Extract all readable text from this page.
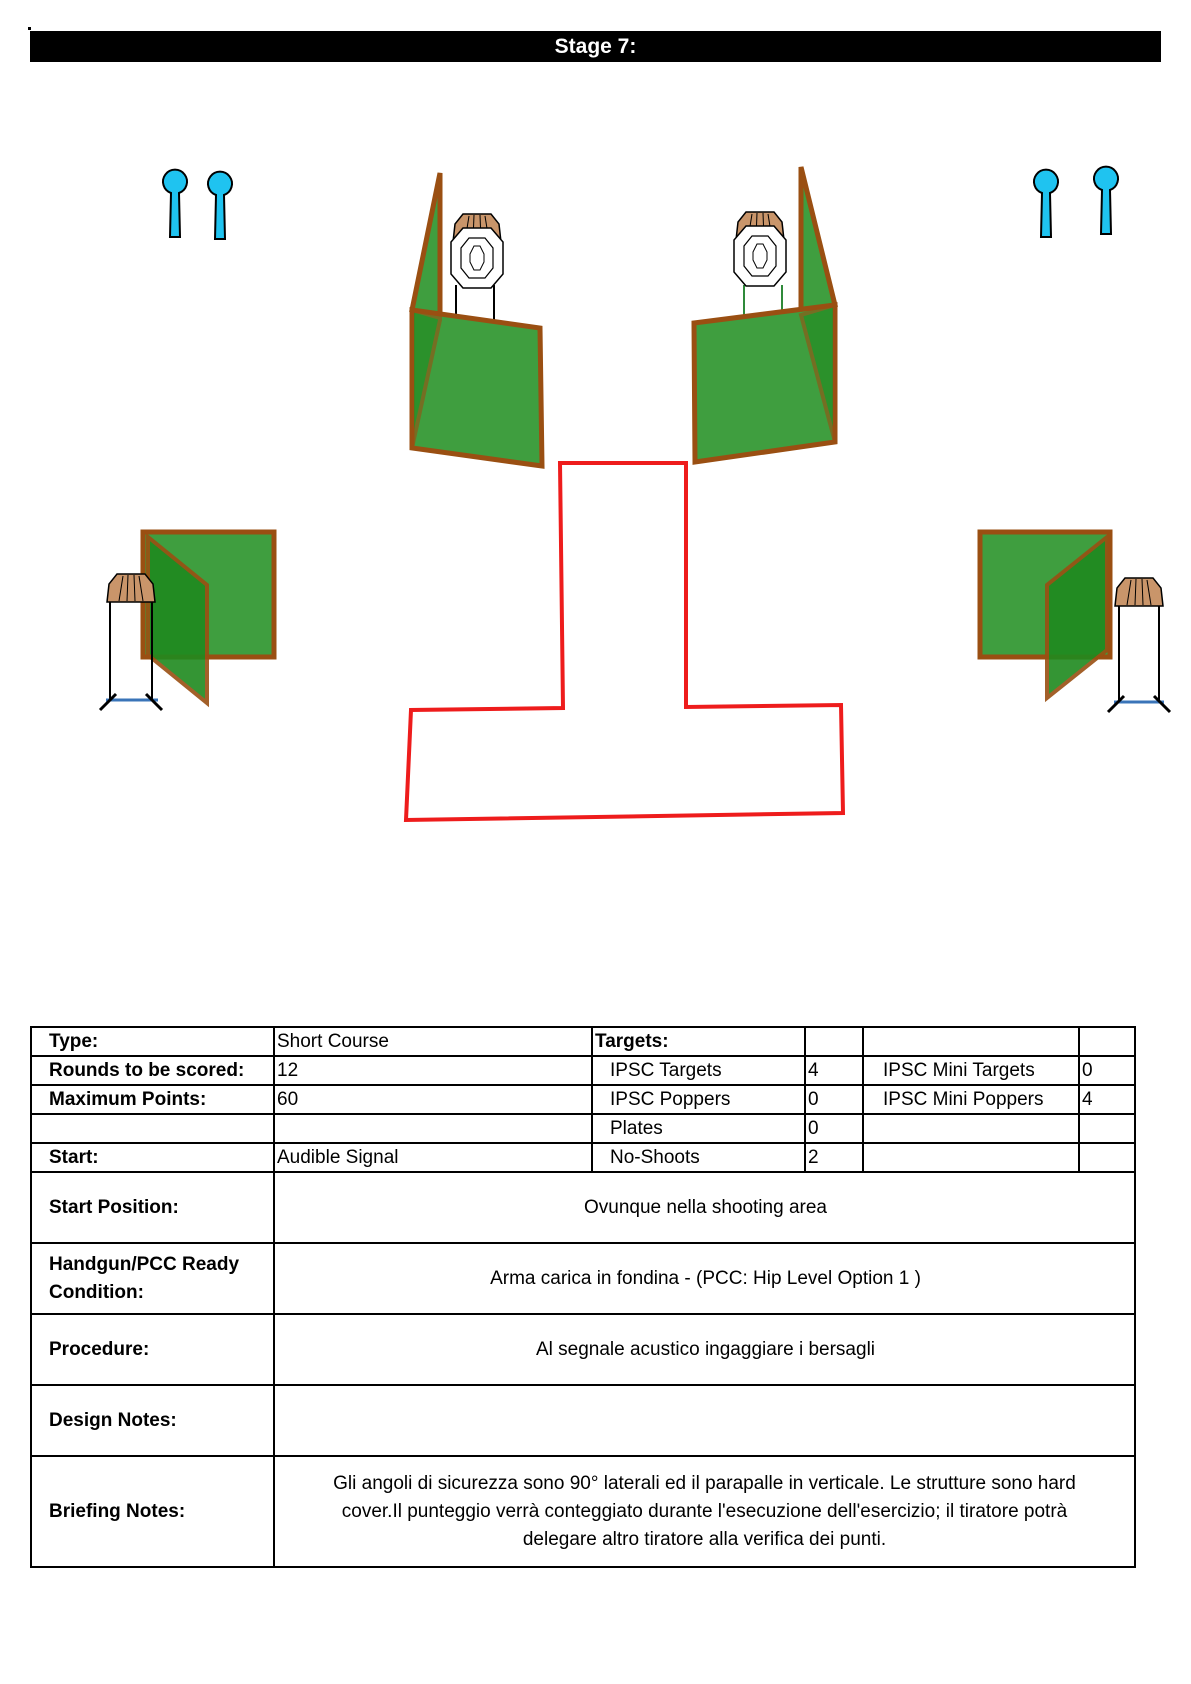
Stage 7:
Type:	Short Course	Targets:			
Rounds to be scored:	12	IPSC Targets	4	IPSC Mini Targets	0
Maximum Points:	60	IPSC Poppers	0	IPSC Mini Poppers	4
		Plates	0		
Start:	Audible Signal	No-Shoots	2		
Start Position:	Ovunque nella shooting area				
Handgun/PCC Ready Condition:	Arma carica in fondina - (PCC: Hip Level Option 1 )				
Procedure:	Al segnale acustico ingaggiare i bersagli				
Design Notes:					
Briefing Notes:	Gli angoli di sicurezza sono 90° laterali ed il parapalle in verticale. Le strutture sono hard cover.Il punteggio verrà conteggiato durante l'esecuzione dell'esercizio; il tiratore potrà delegare altro tiratore alla verifica dei punti.				
